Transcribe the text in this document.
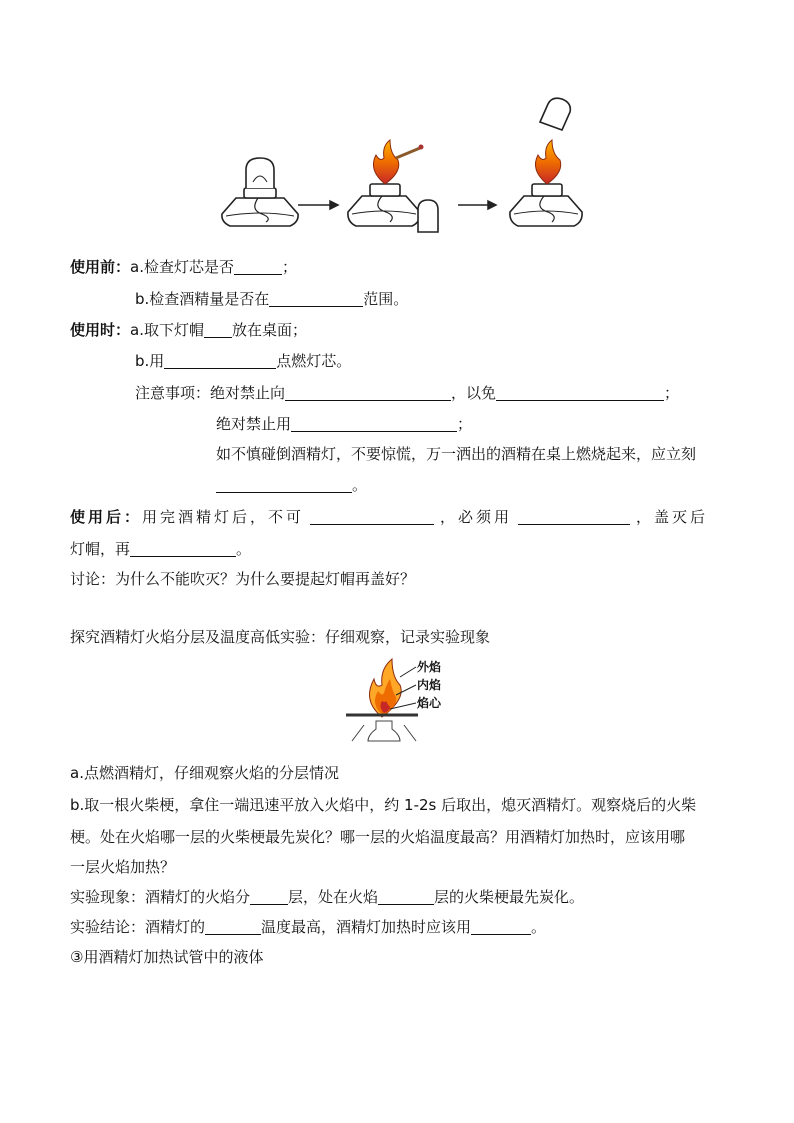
使用前：a.检查灯芯是否	；
b.检查酒精量是否在	范围。
使用时：a.取下灯帽 放在桌面；
b.用	点燃灯芯。
注意事项：绝对禁止向	，以免	；
绝对禁止用	；
如不慎碰倒酒精灯，不要惊慌，万一洒出的酒精在桌上燃烧起来，应立刻
。
使用后：用完酒精灯后，不可	，必须用	，盖灭后
灯帽，再	。
讨论：为什么不能吹灭？为什么要提起灯帽再盖好？
探究酒精灯火焰分层及温度高低实验：仔细观察，记录实验现象
外焰
内焰
焰心
a.点燃酒精灯，仔细观察火焰的分层情况
b.取一根火柴梗，拿住一端迅速平放入火焰中，约 1-2s 后取出，熄灭酒精灯。观察烧后的火柴
梗。处在火焰哪一层的火柴梗最先炭化？哪一层的火焰温度最高？用酒精灯加热时，应该用哪
一层火焰加热？
实验现象：酒精灯的火焰分	层，处在火焰	层的火柴梗最先炭化。
实验结论：酒精灯的	温度最高，酒精灯加热时应该用	。
③用酒精灯加热试管中的液体
